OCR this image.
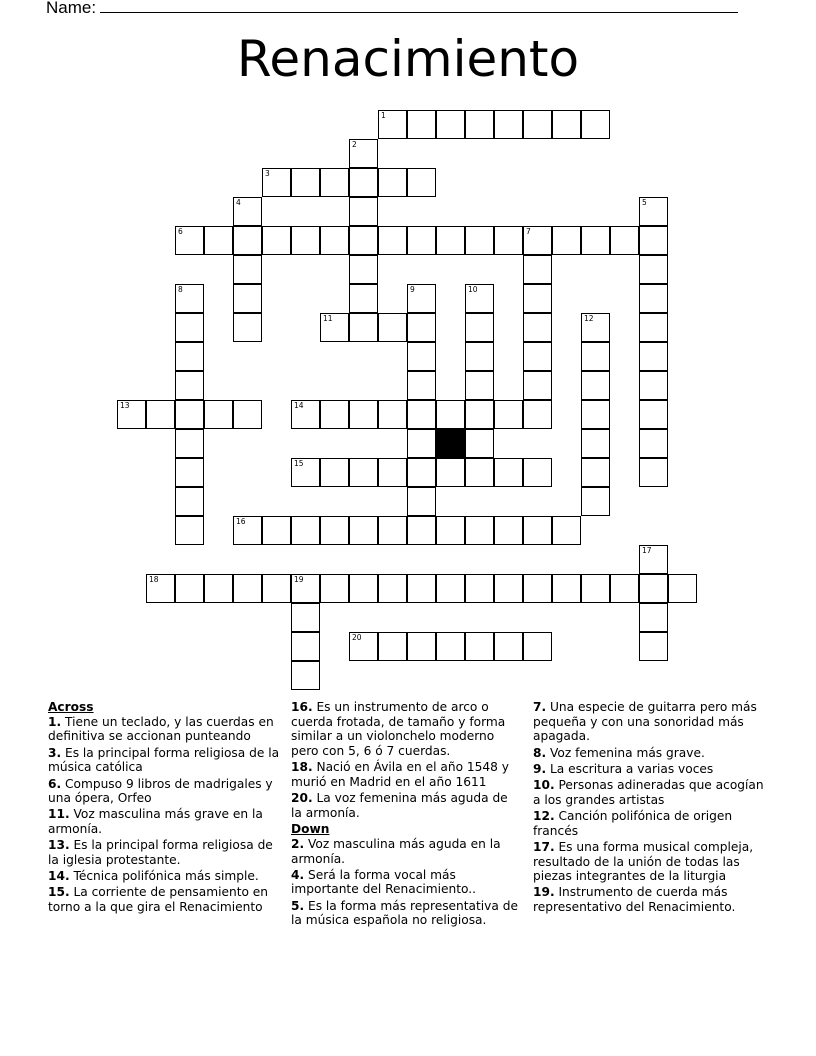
Name:
Renacimiento
1
2
3
4	5
6	7
8	9	10
11	12
13	14
15
16
17
18	19
20
Across
1. Tiene un teclado, y las cuerdas en definitiva se accionan punteando
3. Es la principal forma religiosa de la música católica
6. Compuso 9 libros de madrigales y una ópera, Orfeo
11. Voz masculina más grave en la armonía.
13. Es la principal forma religiosa de la iglesia protestante.
14. Técnica polifónica más simple.
15. La corriente de pensamiento en torno a la que gira el Renacimiento
16. Es un instrumento de arco o cuerda frotada, de tamaño y forma similar a un violonchelo moderno pero con 5, 6 ó 7 cuerdas.
18. Nació en Ávila en el año 1548 y murió en Madrid en el año 1611
20. La voz femenina más aguda de la armonía.
Down
2. Voz masculina más aguda en la armonía.
4. Será la forma vocal más importante del Renacimiento..
5. Es la forma más representativa de la música española no religiosa.
7. Una especie de guitarra pero más pequeña y con una sonoridad más apagada.
8. Voz femenina más grave.
9. La escritura a varias voces
10. Personas adineradas que acogían a los grandes artistas
12. Canción polifónica de origen francés
17. Es una forma musical compleja, resultado de la unión de todas las piezas integrantes de la liturgia
19. Instrumento de cuerda más representativo del Renacimiento.
